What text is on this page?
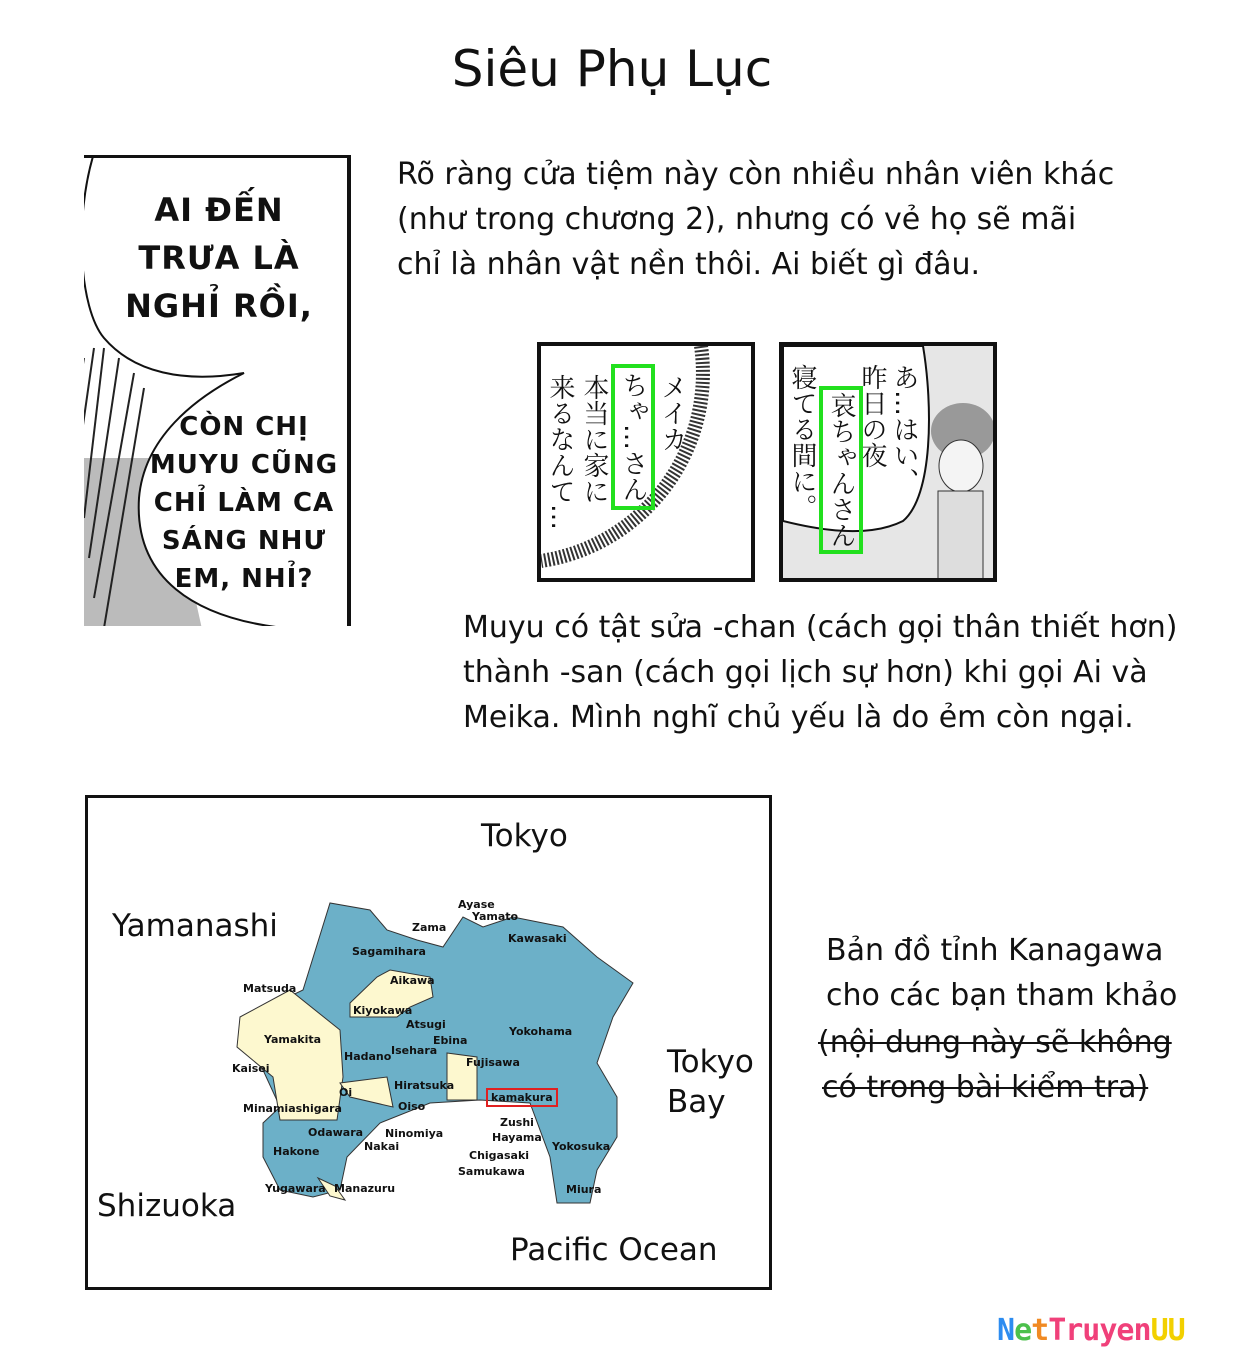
Siêu Phụ Lục
Rõ ràng cửa tiệm này còn nhiều nhân viên khác
(như trong chương 2), nhưng có vẻ họ sẽ mãi
chỉ là nhân vật nền thôi. Ai biết gì đâu.
AI ĐẾN
TRƯA LÀ
NGHỈ RỒI,
CÒN CHỊ
MUYU CŨNG
CHỈ LÀM CA
SÁNG NHƯ
EM, NHỈ?
メイカ
ちゃ…さん
本当に家に
来るなんて…	あ…はい、
昨日の夜
哀ちゃんさん
寝てる間に。
Muyu có tật sửa -chan (cách gọi thân thiết hơn)
thành -san (cách gọi lịch sự hơn) khi gọi Ai và
Meika. Mình nghĩ chủ yếu là do ẻm còn ngại.
Tokyo
Yamanashi
Tokyo
Bay
Shizuoka
Pacific Ocean
Ayase
Yamato
Zama
Kawasaki
Sagamihara
Aikawa
Matsuda
Kiyokawa
Atsugi
Yokohama
Yamakita	Ebina
Hadano Isehara
Fujisawa
Kaisei
Oi
Hiratsuka
kamakura
Minamiashigara	Oiso
Zushi
Odawara Ninomiya	Hayama
Nakai	Yokosuka
Hakone	Chigasaki
Samukawa
Yugawara Manazuru	Miura
Bản đồ tỉnh Kanagawa
cho các bạn tham khảo
(nội dung này sẽ không
có trong bài kiểm tra)
NetTruyenUU
